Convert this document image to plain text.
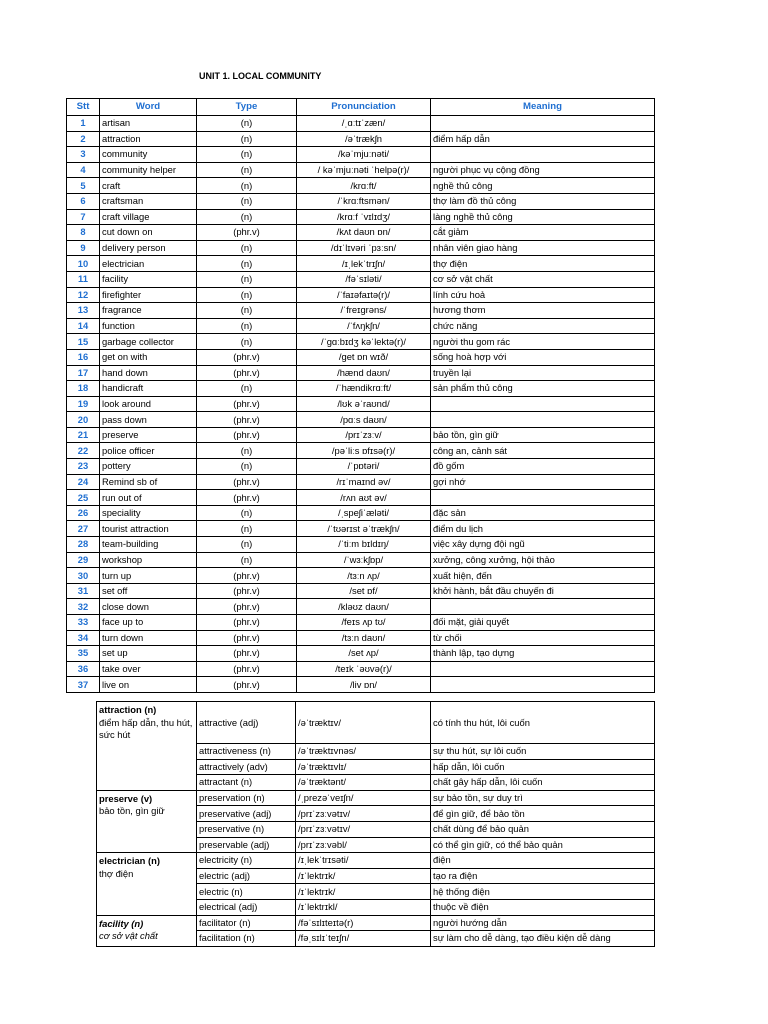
UNIT 1. LOCAL COMMUNITY
Stt	Word	Type	Pronunciation	Meaning
1	artisan	(n)	/ˌɑːtɪˈzæn/	
2	attraction	(n)	/əˈtrækʃn	điểm hấp dẫn
3	community	(n)	/kəˈmjuːnəti/	
4	community helper	(n)	/ kəˈmjuːnəti ˈhelpə(r)/	người phục vụ cộng đồng
5	craft	(n)	/krɑːft/	nghề thủ công
6	craftsman	(n)	/ˈkrɑːftsmən/	thợ làm đồ thủ công
7	craft village	(n)	/krɑːf ˈvɪlɪdʒ/	làng nghề thủ công
8	cut down on	(phr.v)	/kʌt daʊn ɒn/	cắt giảm
9	delivery person	(n)	/dɪˈlɪvəri ˈpɜːsn/	nhân viên giao hàng
10	electrician	(n)	/ɪˌlekˈtrɪʃn/	thợ điện
11	facility	(n)	/fəˈsɪləti/	cơ sở vật chất
12	firefighter	(n)	/ˈfaɪəfaɪtə(r)/	lính cứu hoả
13	fragrance	(n)	/ˈfreɪɡrəns/	hương thơm
14	function	(n)	/ˈfʌŋkʃn/	chức năng
15	garbage collector	(n)	/ˈɡɑːbɪdʒ kəˈlektə(r)/	người thu gom rác
16	get on with	(phr.v)	/get ɒn wɪð/	sống hoà hợp với
17	hand down	(phr.v)	/hænd daʊn/	truyền lại
18	handicraft	(n)	/ˈhændikrɑːft/	sản phẩm thủ công
19	look around	(phr.v)	/lʊk əˈraʊnd/	
20	pass down	(phr.v)	/pɑːs daʊn/	
21	preserve	(phr.v)	/prɪˈzɜːv/	bảo tồn, gìn giữ
22	police officer	(n)	/pəˈliːs ɒfɪsə(r)/	công an, cảnh sát
23	pottery	(n)	/ˈpɒtəri/	đồ gốm
24	Remind sb of	(phr.v)	/rɪˈmaɪnd əv/	gợi nhớ
25	run out of	(phr.v)	/rʌn aʊt əv/	
26	speciality	(n)	/ˌspeʃiˈæləti/	đặc sản
27	tourist attraction	(n)	/ˈtʊərɪst əˈtrækʃn/	điểm du lịch
28	team-building	(n)	/ˈtiːm bɪldɪŋ/	việc xây dựng đội ngũ
29	workshop	(n)	/ˈwɜːkʃɒp/	xưởng, công xưởng, hội thảo
30	turn up	(phr.v)	/tɜːn ʌp/	xuất hiện, đến
31	set off	(phr.v)	/set ɒf/	khởi hành, bắt đầu chuyến đi
32	close down	(phr.v)	/kləʊz daʊn/	
33	face up to	(phr.v)	/feɪs ʌp tʊ/	đối mặt, giải quyết
34	turn down	(phr.v)	/tɜːn daʊn/	từ chối
35	set up	(phr.v)	/set ʌp/	thành lập, tạo dựng
36	take over	(phr.v)	/teɪk ˈəʊvə(r)/	
37	live on	(phr.v)	/liv ɒn/	
attraction (n)
điểm hấp dẫn, thu hút, sức hút	attractive (adj)	/əˈtræktɪv/	có tính thu hút, lôi cuốn
	attractiveness (n)	/əˈtræktɪvnəs/	sự thu hút, sự lôi cuốn
	attractively (adv)	/əˈtræktɪvlɪ/	hấp dẫn, lôi cuốn
	attractant (n)	/əˈtræktənt/	chất gây hấp dẫn, lôi cuốn

preserve (v)
bảo tồn, gìn giữ	preservation (n)	/ˌprezəˈveɪʃn/	sự bảo tồn, sự duy trì
	preservative (adj)	/prɪˈzɜːvətɪv/	để gìn giữ, để bảo tồn
	preservative (n)	/prɪˈzɜːvətɪv/	chất dùng để bảo quản
	preservable (adj)	/prɪˈzɜːvəbl/	có thể gìn giữ, có thể bảo quản

electrician (n)
thợ điện	electricity (n)	/ɪˌlekˈtrɪsəti/	điện
	electric (adj)	/ɪˈlektrɪk/	tạo ra điện
	electric (n)	/ɪˈlektrɪk/	hệ thống điện
	electrical (adj)	/ɪˈlektrɪkl/	thuộc về điện

facility (n)
cơ sở vật chất	facilitator (n)	/fəˈsɪlɪteɪtə(r)	người hướng dẫn
	facilitation (n)	/fəˌsɪlɪˈteɪʃn/	sự làm cho dễ dàng, tạo điều kiện dễ dàng
